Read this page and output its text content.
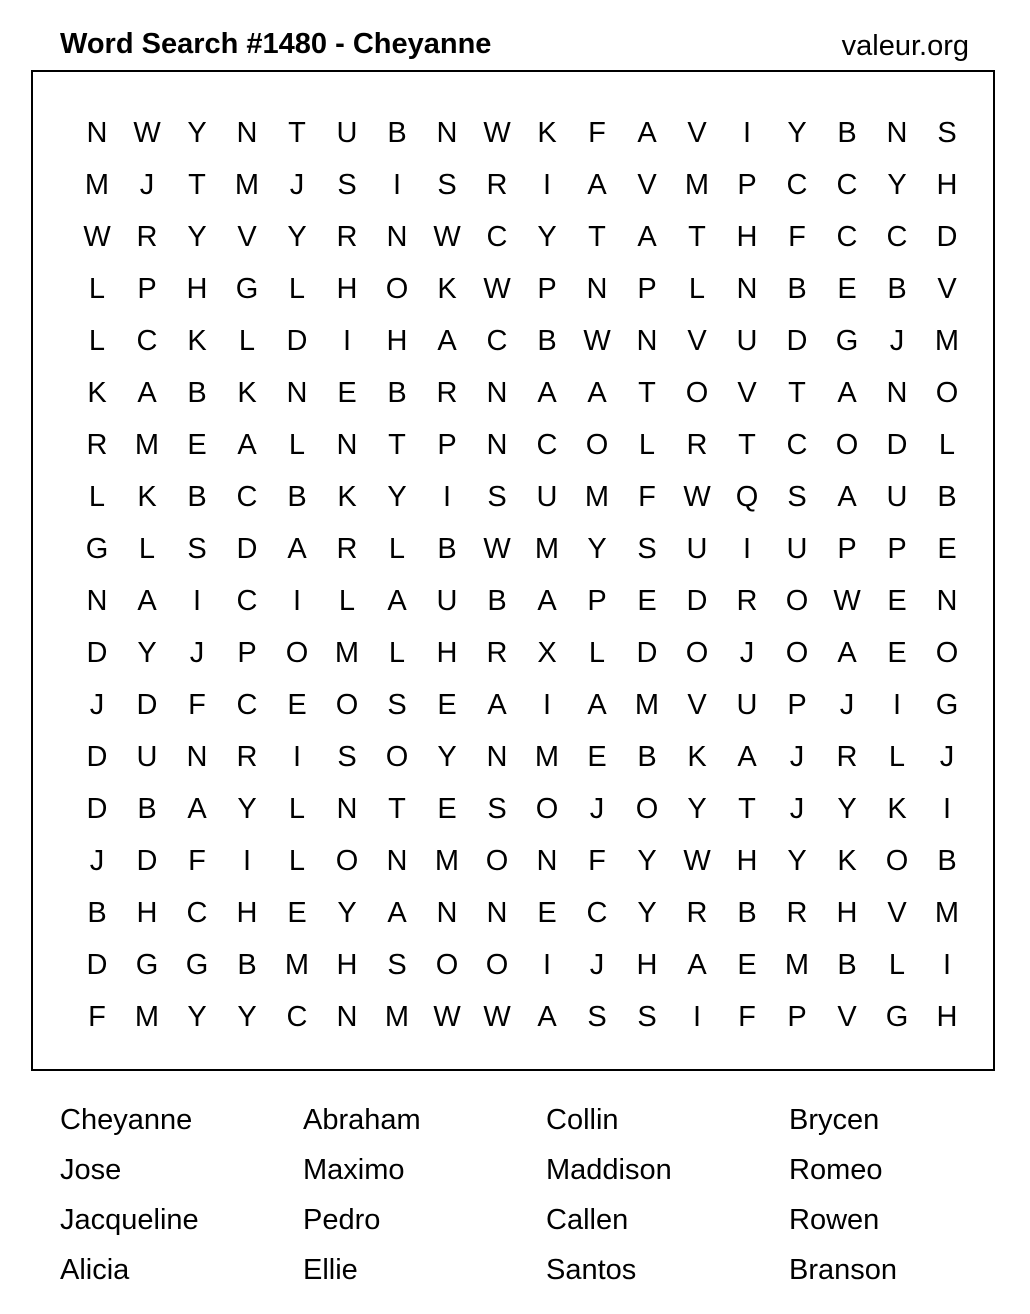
Word Search #1480 - Cheyanne	valeur.org
N W Y	N	T	U	B	N W K	F	A	V	I	Y	B	N	S
M	J	T	M	J	S	I	S	R	I	A	V M P	C	C	Y	H
W R	Y	V	Y	R	N W C	Y	T	A	T	H	F	C	C	D
L	P	H G	L	H O	K W P	N	P	L	N	B	E	B	V
L	C	K	L	D	I	H	A	C	B W N	V	U	D G	J	M
K	A	B	K	N	E	B	R	N	A	A	T	O	V	T	A	N O
R M E	A	L	N	T	P	N	C O	L	R	T	C O D	L
L	K	B	C	B	K	Y	I	S	U M	F W Q	S	A	U	B
G	L	S	D	A	R	L	B W M Y	S	U	I	U	P	P	E
N	A	I	C	I	L	A	U	B	A	P	E	D	R O W E	N
D	Y	J	P	O M	L	H	R	X	L	D O	J	O	A	E	O
J	D	F	C	E	O	S	E	A	I	A M V	U	P	J	I	G
D	U	N	R	I	S	O	Y	N M E	B	K	A	J	R	L	J
D	B	A	Y	L	N	T	E	S	O	J	O	Y	T	J	Y	K	I
J	D	F	I	L	O N M O N	F	Y W H	Y	K	O	B
B	H	C	H	E	Y	A	N	N	E	C	Y	R	B	R	H	V M
D G G	B M H	S	O O	I	J	H	A	E M B	L	I
F	M Y	Y	C	N M W W A	S	S	I	F	P	V	G H
Cheyanne	Abraham	Collin	Brycen
Jose	Maximo	Maddison	Romeo
Jacqueline	Pedro	Callen	Rowen
Alicia	Ellie	Santos	Branson
